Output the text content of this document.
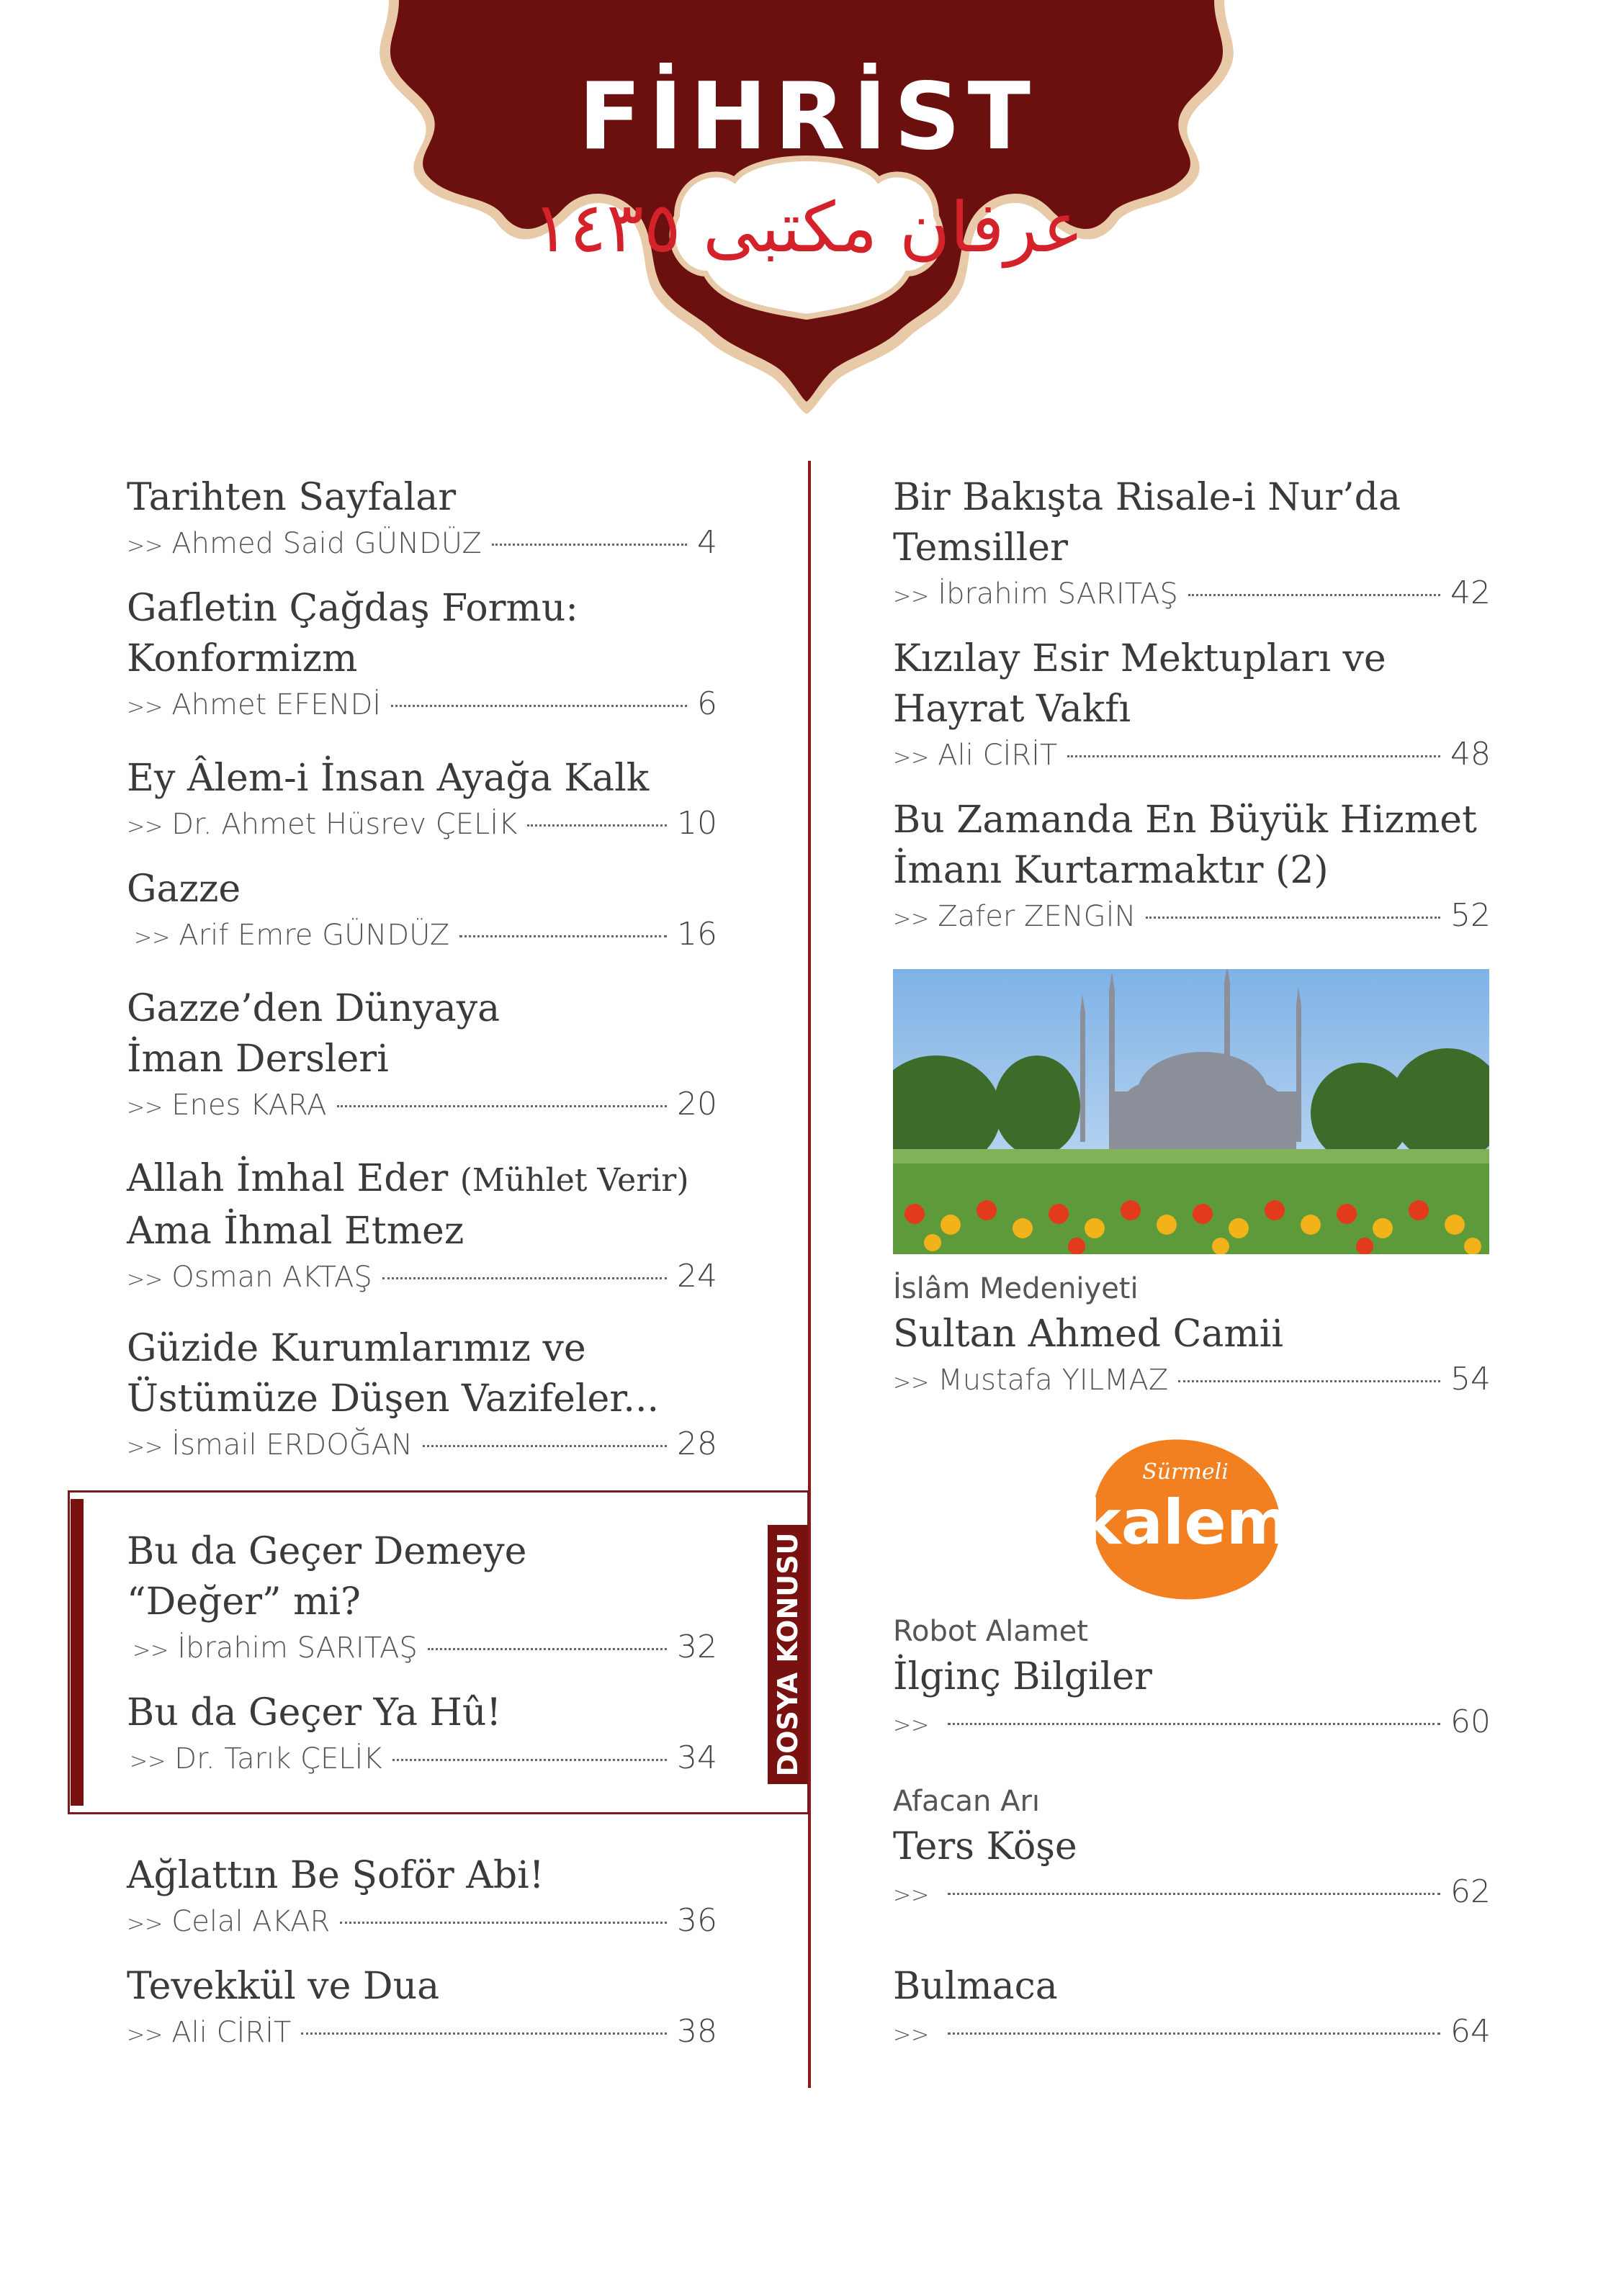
FİHRİST
عرفان مكتبى ١٤٣٥
DOSYA KONUSU
Tarihten Sayfalar
>> Ahmed Said GÜNDÜZ	4
Gafletin Çağdaş Formu:
Konformizm
>> Ahmet EFENDİ	6
Ey Âlem-i İnsan Ayağa Kalk
>> Dr. Ahmet Hüsrev ÇELİK	10
Gazze
>> Arif Emre GÜNDÜZ	16
Gazze’den Dünyaya
İman Dersleri
>> Enes KARA	20
Allah İmhal Eder (Mühlet Verir)
Ama İhmal Etmez
>> Osman AKTAŞ	24
Güzide Kurumlarımız ve
Üstümüze Düşen Vazifeler...
>> İsmail ERDOĞAN	28
Bu da Geçer Demeye
“Değer” mi?
>> İbrahim SARITAŞ	32
Bu da Geçer Ya Hû!
>> Dr. Tarık ÇELİK	34
Ağlattın Be Şoför Abi!
>> Celal AKAR	36
Tevekkül ve Dua
>> Ali CİRİT	38
Bir Bakışta Risale-i Nur’da
Temsiller
>> İbrahim SARITAŞ	42
Kızılay Esir Mektupları ve
Hayrat Vakfı
>> Ali CİRİT	48
Bu Zamanda En Büyük Hizmet
İmanı Kurtarmaktır (2)
>> Zafer ZENGİN	52
İslâm Medeniyeti
Sultan Ahmed Camii
>> Mustafa YILMAZ	54
Sürmeli
kalem
Robot Alamet
İlginç Bilgiler
>>	60
Afacan Arı
Ters Köşe
>>	62
Bulmaca
>>	64
